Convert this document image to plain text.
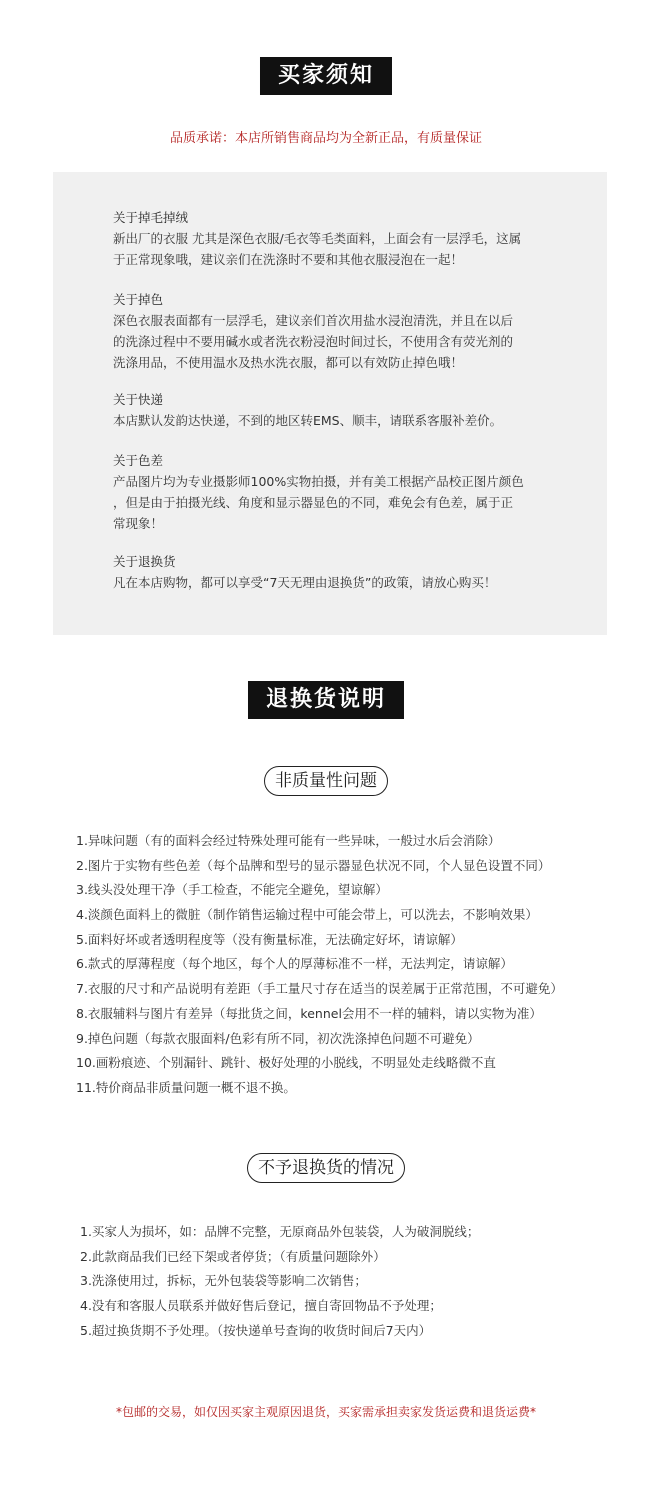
买家须知
品质承诺：本店所销售商品均为全新正品，有质量保证
关于掉毛掉绒
新出厂的衣服 尤其是深色衣服/毛衣等毛类面料，上面会有一层浮毛，这属
于正常现象哦，建议亲们在洗涤时不要和其他衣服浸泡在一起！
关于掉色
深色衣服表面都有一层浮毛，建议亲们首次用盐水浸泡清洗，并且在以后
的洗涤过程中不要用碱水或者洗衣粉浸泡时间过长，不使用含有荧光剂的
洗涤用品，不使用温水及热水洗衣服，都可以有效防止掉色哦！
关于快递
本店默认发韵达快递，不到的地区转EMS、顺丰，请联系客服补差价。
关于色差
产品图片均为专业摄影师100%实物拍摄，并有美工根据产品校正图片颜色
，但是由于拍摄光线、角度和显示器显色的不同，难免会有色差，属于正
常现象！
关于退换货
凡在本店购物，都可以享受“7天无理由退换货”的政策，请放心购买！
退换货说明
非质量性问题
1.异味问题（有的面料会经过特殊处理可能有一些异味，一般过水后会消除）
2.图片于实物有些色差（每个品牌和型号的显示器显色状况不同，个人显色设置不同）
3.线头没处理干净（手工检查，不能完全避免，望谅解）
4.淡颜色面料上的微脏（制作销售运输过程中可能会带上，可以洗去，不影响效果）
5.面料好坏或者透明程度等（没有衡量标准，无法确定好坏，请谅解）
6.款式的厚薄程度（每个地区，每个人的厚薄标准不一样，无法判定，请谅解）
7.衣服的尺寸和产品说明有差距（手工量尺寸存在适当的误差属于正常范围，不可避免）
8.衣服辅料与图片有差异（每批货之间，kennel会用不一样的辅料，请以实物为准）
9.掉色问题（每款衣服面料/色彩有所不同，初次洗涤掉色问题不可避免）
10.画粉痕迹、个别漏针、跳针、极好处理的小脱线，不明显处走线略微不直
11.特价商品非质量问题一概不退不换。
不予退换货的情况
1.买家人为损坏，如：品牌不完整，无原商品外包装袋，人为破洞脱线；
2.此款商品我们已经下架或者停货；（有质量问题除外）
3.洗涤使用过，拆标，无外包装袋等影响二次销售；
4.没有和客服人员联系并做好售后登记，擅自寄回物品不予处理；
5.超过换货期不予处理。（按快递单号查询的收货时间后7天内）
*包邮的交易，如仅因买家主观原因退货，买家需承担卖家发货运费和退货运费*
